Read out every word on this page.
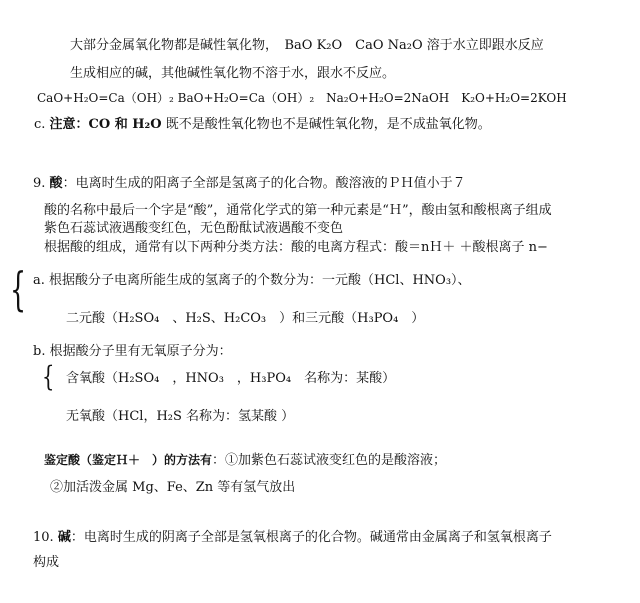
大部分金属氧化物都是碱性氧化物，　BaO K₂O　CaO Na₂O 溶于水立即跟水反应
生成相应的碱，其他碱性氧化物不溶于水，跟水不反应。
CaO+H₂O=Ca（OH）₂ BaO+H₂O=Ca（OH）₂　Na₂O+H₂O=2NaOH　K₂O+H₂O=2KOH
c. 注意：CO 和 H₂O 既不是酸性氧化物也不是碱性氧化物，是不成盐氧化物。
9. 酸：电离时生成的阳离子全部是氢离子的化合物。酸溶液的ＰＨ值小于７
酸的名称中最后一个字是“酸”，通常化学式的第一种元素是“Ｈ”，酸由氢和酸根离子组成
紫色石蕊试液遇酸变红色，无色酚酞试液遇酸不变色
根据酸的组成，通常有以下两种分类方法：酸的电离方程式：酸＝nＨ＋ ＋酸根离子 n−
{ a. 根据酸分子电离所能生成的氢离子的个数分为：一元酸（HCl、HNO₃）、
二元酸（H₂SO₄　、H₂S、H₂CO₃　）和三元酸（H₃PO₄　）
b. 根据酸分子里有无氧原子分为：
{ 含氧酸（H₂SO₄　，HNO₃　，H₃PO₄　名称为：某酸）
无氧酸（HCl，H₂S 名称为：氢某酸 ）
鉴定酸（鉴定Ｈ＋　）的方法有：①加紫色石蕊试液变红色的是酸溶液；
②加活泼金属 Mg、Fe、Zn 等有氢气放出
10. 碱：电离时生成的阴离子全部是氢氧根离子的化合物。碱通常由金属离子和氢氧根离子
构成
